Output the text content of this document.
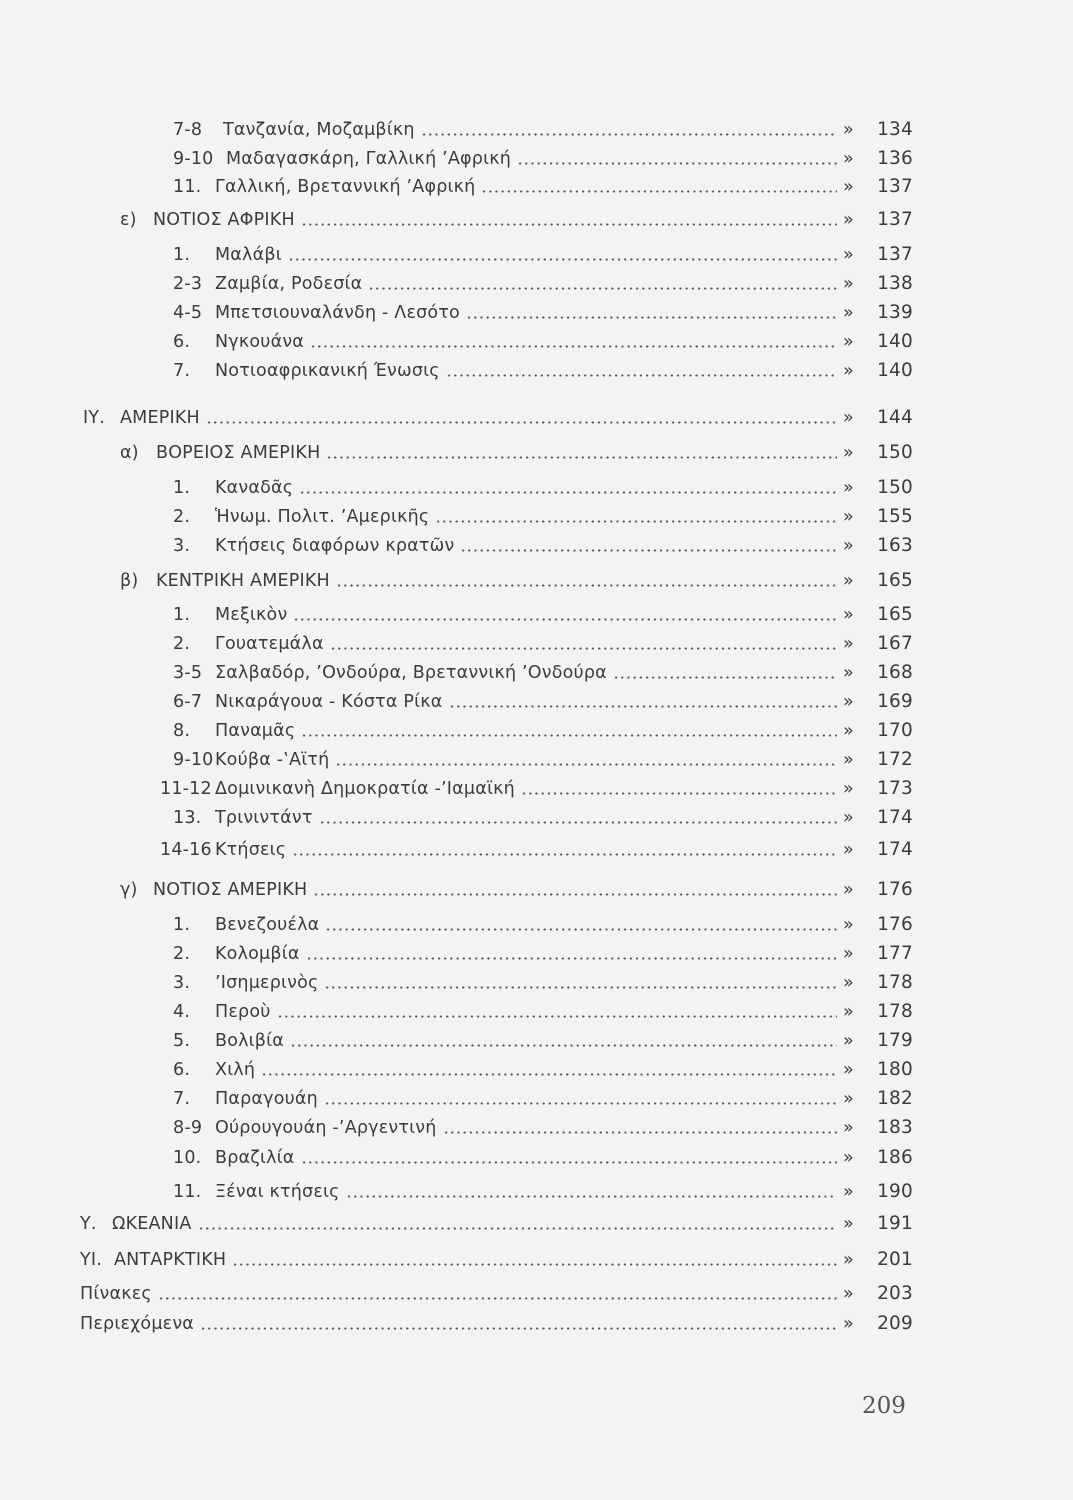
7-8	Τανζανία, Μοζαμβίκη	»	134
9-10 Μαδαγασκάρη, Γαλλική ’Αφρική	»	136
11. Γαλλική, Βρεταννική ’Αφρική	»	137
ε) ΝΟΤΙΟΣ ΑΦΡΙΚΗ	»	137
1.	Μαλάβι	»	137
2-3 Ζαμβία, Ροδεσία	»	138
4-5 Μπετσιουναλάνδη - Λεσότο	»	139
6.	Νγκουάνα	»	140
7.	Νοτιοαφρικανική Ένωσις	»	140
ΙΥ. ΑΜΕΡΙΚΗ	»	144
α) ΒΟΡΕΙΟΣ ΑΜΕΡΙΚΗ	»	150
1.	Καναδᾶς	»	150
2.	Ἡνωμ. Πολιτ. ’Αμερικῆς	»	155
3.	Κτήσεις διαφόρων κρατῶν	»	163
β)	ΚΕΝΤΡΙΚΗ ΑΜΕΡΙΚΗ	»	165
1.	Μεξικὸν	»	165
2.	Γουατεμάλα	»	167
3-5 Σαλβαδόρ, ’Ονδούρα, Βρεταννική ’Ονδούρα	»	168
6-7 Νικαράγουα - Κόστα Ρίκα	»	169
8.	Παναμᾶς	»	170
9-10 Κούβα -‛Αϊτή	»	172
11-12 Δομινικανὴ Δημοκρατία -’Ιαμαϊκή	»	173
13. Τρινιντάντ	»	174
14-16 Κτήσεις	»	174
γ) ΝΟΤΙΟΣ ΑΜΕΡΙΚΗ	»	176
1.	Βενεζουέλα	»	176
2.	Κολομβία	»	177
3.	’Ισημερινὸς	»	178
4.	Περοὺ	»	178
5.	Βολιβία	»	179
6.	Χιλή	»	180
7.	Παραγουάη	»	182
8-9 Ούρουγουάη -’Αργεντινή	»	183
10. Βραζιλία	»	186
11. Ξέναι κτήσεις	»	190
Υ. ΩΚΕΑΝΙΑ	»	191
ΥΙ. ΑΝΤΑΡΚΤΙΚΗ	»	201
Πίνακες	»	203
Περιεχόμενα	»	209
209
